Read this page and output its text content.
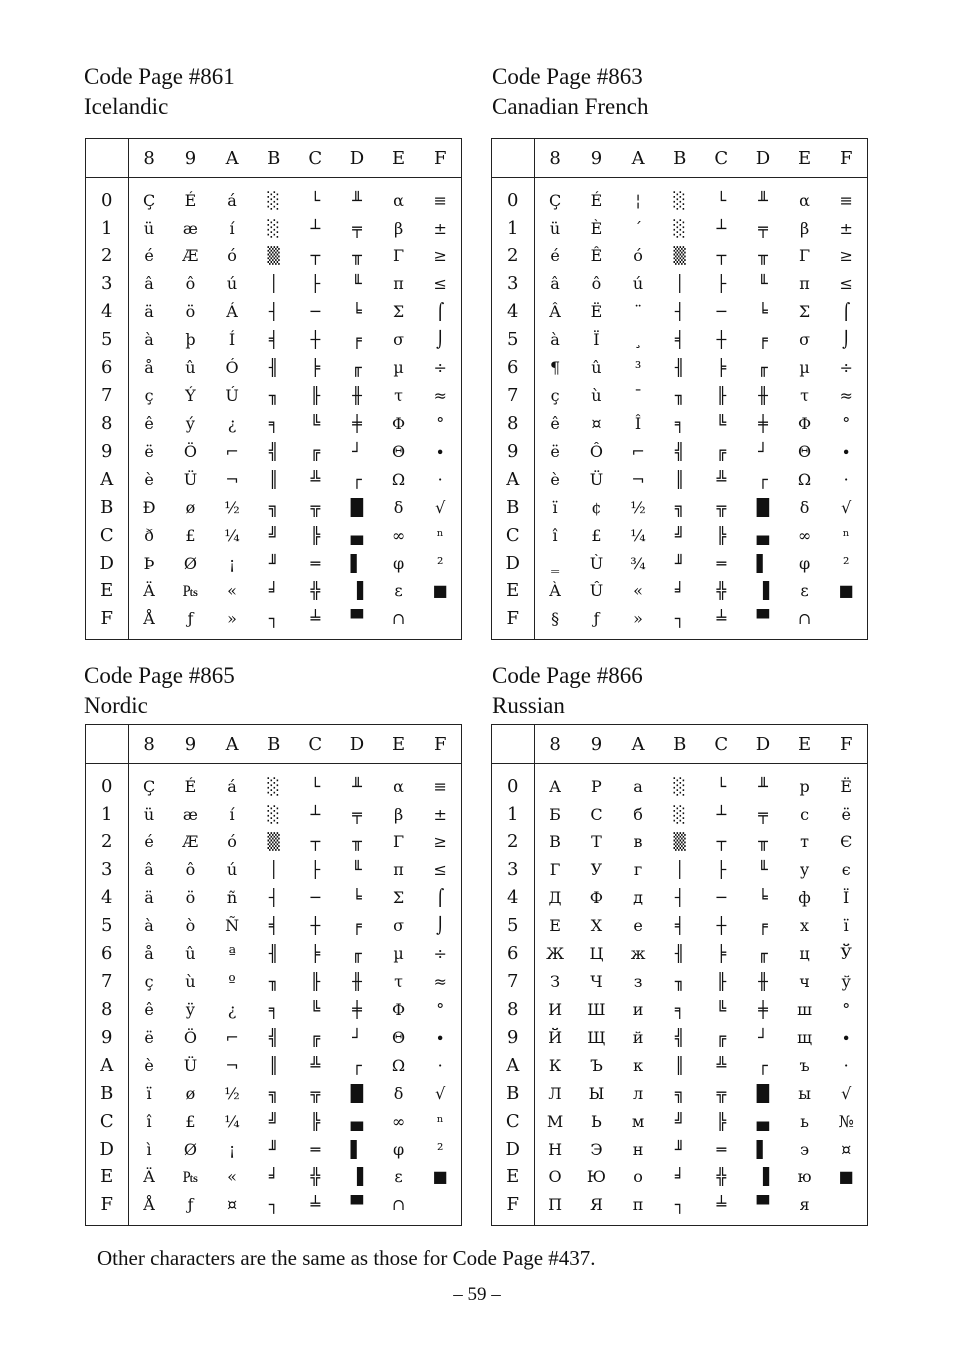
Code Page #861

Icelandic

	8	9	A	B	C	D	E	F
0	Ç	É	á	░	└	╨	α	≡
1	ü	æ	í	░	┴	╤	β	±
2	é	Æ	ó	▒	┬	╥	Γ	≥
3	â	ô	ú	│	├	╙	π	≤
4	ä	ö	Á	┤	─	╘	Σ	⌠
5	à	þ	Í	╡	┼	╒	σ	⌡
6	å	û	Ó	╢	╞	╓	µ	÷
7	ç	Ý	Ú	╖	╟	╫	τ	≈
8	ê	ý	¿	╕	╚	╪	Φ	°
9	ë	Ö	⌐	╣	╔	┘	Θ	∙
A	è	Ü	¬	║	╩	┌	Ω	·
B	Ð	ø	½	╗	╦	█	δ	√
C	ð	£	¼	╝	╠	▄	∞	ⁿ
D	Þ	Ø	¡	╜	═	▌	φ	²
E	Ä	₧	«	╛	╬	▐	ε	■
F	Å	ƒ	»	┐	╧	▀	∩	

Code Page #863

Canadian French

	8	9	A	B	C	D	E	F
0	Ç	É	¦	░	└	╨	α	≡
1	ü	È	´	░	┴	╤	β	±
2	é	Ê	ó	▒	┬	╥	Γ	≥
3	â	ô	ú	│	├	╙	π	≤
4	Â	Ë	¨	┤	─	╘	Σ	⌠
5	à	Ï	¸	╡	┼	╒	σ	⌡
6	¶	û	³	╢	╞	╓	µ	÷
7	ç	ù	¯	╖	╟	╫	τ	≈
8	ê	¤	Î	╕	╚	╪	Φ	°
9	ë	Ô	⌐	╣	╔	┘	Θ	∙
A	è	Ü	¬	║	╩	┌	Ω	·
B	ï	¢	½	╗	╦	█	δ	√
C	î	£	¼	╝	╠	▄	∞	ⁿ
D	‗	Ù	¾	╜	═	▌	φ	²
E	À	Û	«	╛	╬	▐	ε	■
F	§	ƒ	»	┐	╧	▀	∩	

Code Page #865

Nordic

	8	9	A	B	C	D	E	F
0	Ç	É	á	░	└	╨	α	≡
1	ü	æ	í	░	┴	╤	β	±
2	é	Æ	ó	▒	┬	╥	Γ	≥
3	â	ô	ú	│	├	╙	π	≤
4	ä	ö	ñ	┤	─	╘	Σ	⌠
5	à	ò	Ñ	╡	┼	╒	σ	⌡
6	å	û	ª	╢	╞	╓	µ	÷
7	ç	ù	º	╖	╟	╫	τ	≈
8	ê	ÿ	¿	╕	╚	╪	Φ	°
9	ë	Ö	⌐	╣	╔	┘	Θ	∙
A	è	Ü	¬	║	╩	┌	Ω	·
B	ï	ø	½	╗	╦	█	δ	√
C	î	£	¼	╝	╠	▄	∞	ⁿ
D	ì	Ø	¡	╜	═	▌	φ	²
E	Ä	₧	«	╛	╬	▐	ε	■
F	Å	ƒ	¤	┐	╧	▀	∩	

Code Page #866

Russian

	8	9	A	B	C	D	E	F
0	А	Р	а	░	└	╨	р	Ё
1	Б	С	б	░	┴	╤	с	ё
2	В	Т	в	▒	┬	╥	т	Є
3	Г	У	г	│	├	╙	у	є
4	Д	Ф	д	┤	─	╘	ф	Ї
5	Е	Х	е	╡	┼	╒	х	ї
6	Ж	Ц	ж	╢	╞	╓	ц	Ў
7	З	Ч	з	╖	╟	╫	ч	ў
8	И	Ш	и	╕	╚	╪	ш	°
9	Й	Щ	й	╣	╔	┘	щ	∙
A	К	Ъ	к	║	╩	┌	ъ	·
B	Л	Ы	л	╗	╦	█	ы	√
C	М	Ь	м	╝	╠	▄	ь	№
D	Н	Э	н	╜	═	▌	э	¤
E	О	Ю	о	╛	╬	▐	ю	■
F	П	Я	п	┐	╧	▀	я	
Other characters are the same as those for Code Page #437.
– 59 –
